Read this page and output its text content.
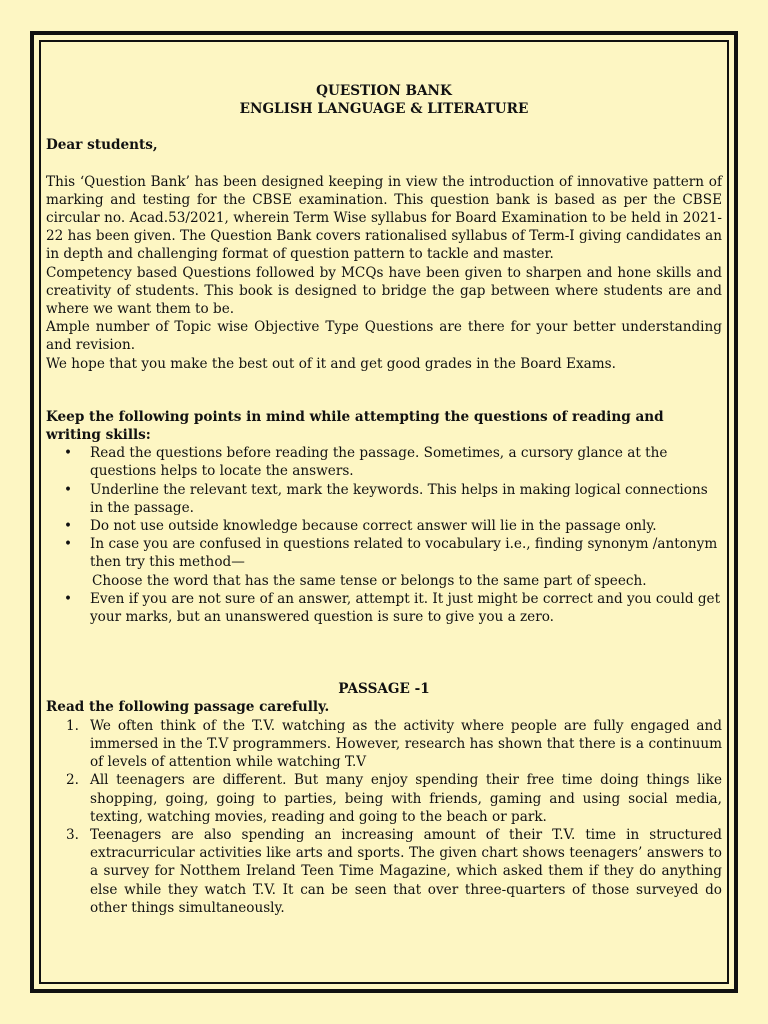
QUESTION BANK

ENGLISH LANGUAGE & LITERATURE

Dear students,

This ‘Question Bank’ has been designed keeping in view the introduction of innovative pattern of marking and testing for the CBSE examination. This question bank is based as per the CBSE circular no. Acad.53/2021, wherein Term Wise syllabus for Board Examination to be held in 2021-22 has been given. The Question Bank covers rationalised syllabus of Term-I giving candidates an in depth and challenging format of question pattern to tackle and master.

Competency based Questions followed by MCQs have been given to sharpen and hone skills and creativity of students. This book is designed to bridge the gap between where students are and where we want them to be.

Ample number of Topic wise Objective Type Questions are there for your better understanding and revision.

We hope that you make the best out of it and get good grades in the Board Exams.

Keep the following points in mind while attempting the questions of reading and writing skills:

• Read the questions before reading the passage. Sometimes, a cursory glance at the questions helps to locate the answers.
• Underline the relevant text, mark the keywords. This helps in making logical connections in the passage.
• Do not use outside knowledge because correct answer will lie in the passage only.
• In case you are confused in questions related to vocabulary i.e., finding synonym /antonym then try this method—
Choose the word that has the same tense or belongs to the same part of speech.
• Even if you are not sure of an answer, attempt it. It just might be correct and you could get your marks, but an unanswered question is sure to give you a zero.

PASSAGE -1

Read the following passage carefully.

1. We often think of the T.V. watching as the activity where people are fully engaged and immersed in the T.V programmers. However, research has shown that there is a continuum of levels of attention while watching T.V
2. All teenagers are different. But many enjoy spending their free time doing things like shopping, going, going to parties, being with friends, gaming and using social media, texting, watching movies, reading and going to the beach or park.
3. Teenagers are also spending an increasing amount of their T.V. time in structured extracurricular activities like arts and sports. The given chart shows teenagers’ answers to a survey for Notthem Ireland Teen Time Magazine, which asked them if they do anything else while they watch T.V. It can be seen that over three-quarters of those surveyed do other things simultaneously.
